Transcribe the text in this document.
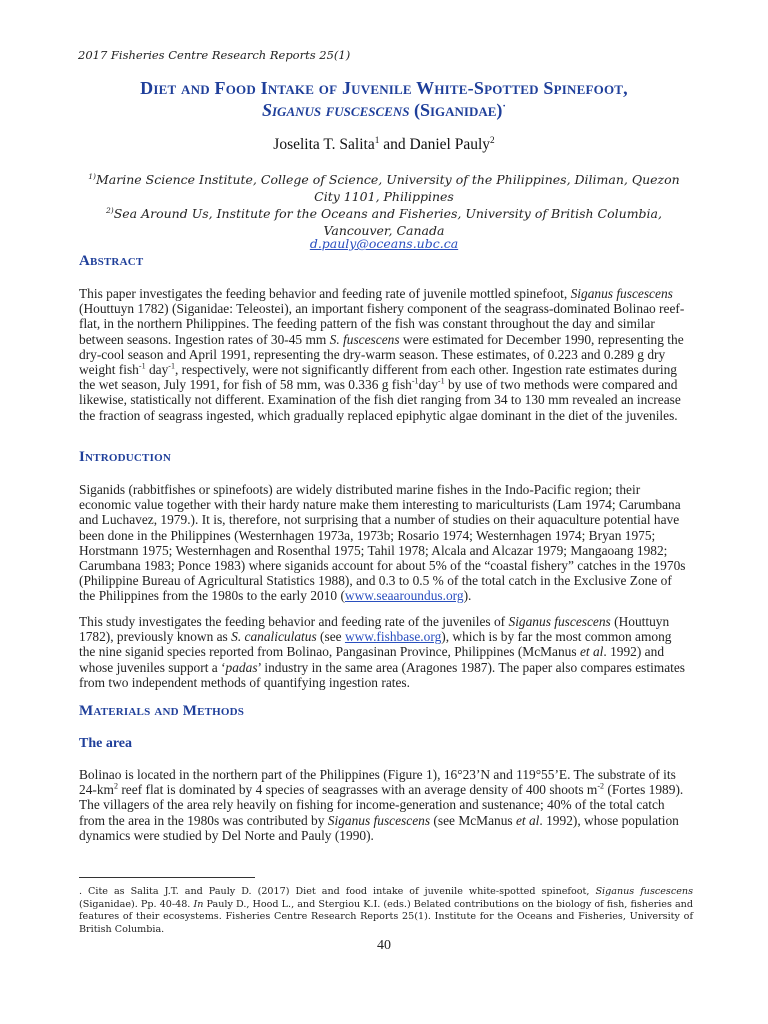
2017 Fisheries Centre Research Reports 25(1)
Diet and Food Intake of Juvenile White-Spotted Spinefoot,
Siganus fuscescens (Siganidae)·
Joselita T. Salita$^1$ and Daniel Pauly$^2$
$^{1)}$Marine Science Institute, College of Science, University of the Philippines, Diliman, Quezon City 1101, Philippines
$^{2)}$Sea Around Us, Institute for the Oceans and Fisheries, University of British Columbia, Vancouver, Canada
d.pauly@oceans.ubc.ca
Abstract
This paper investigates the feeding behavior and feeding rate of juvenile mottled spinefoot, Siganus fuscescens (Houttuyn 1782) (Siganidae: Teleostei), an important fishery component of the seagrass-dominated Bolinao reef-flat, in the northern Philippines. The feeding pattern of the fish was constant throughout the day and similar between seasons. Ingestion rates of 30-45 mm S. fuscescens were estimated for December 1990, representing the dry-cool season and April 1991, representing the dry-warm season. These estimates, of 0.223 and 0.289 g dry weight fish$^{-1}$ day$^{-1}$, respectively, were not significantly different from each other. Ingestion rate estimates during the wet season, July 1991, for fish of 58 mm, was 0.336 g fish$^{-1}$day$^{-1}$ by use of two methods were compared and likewise, statistically not different. Examination of the fish diet ranging from 34 to 130 mm revealed an increase the fraction of seagrass ingested, which gradually replaced epiphytic algae dominant in the diet of the juveniles.
Introduction
Siganids (rabbitfishes or spinefoots) are widely distributed marine fishes in the Indo-Pacific region; their economic value together with their hardy nature make them interesting to mariculturists (Lam 1974; Carumbana and Luchavez, 1979.). It is, therefore, not surprising that a number of studies on their aquaculture potential have been done in the Philippines (Westernhagen 1973a, 1973b; Rosario 1974; Westernhagen 1974; Bryan 1975; Horstmann 1975; Westernhagen and Rosenthal 1975; Tahil 1978; Alcala and Alcazar 1979; Mangaoang 1982; Carumbana 1983; Ponce 1983) where siganids account for about 5% of the “coastal fishery” catches in the 1970s (Philippine Bureau of Agricultural Statistics 1988), and 0.3 to 0.5 % of the total catch in the Exclusive Zone of the Philippines from the 1980s to the early 2010 (www.seaaroundus.org).
This study investigates the feeding behavior and feeding rate of the juveniles of Siganus fuscescens (Houttuyn 1782), previously known as S. canaliculatus (see www.fishbase.org), which is by far the most common among the nine siganid species reported from Bolinao, Pangasinan Province, Philippines (McManus et al. 1992) and whose juveniles support a ‘padas’ industry in the same area (Aragones 1987). The paper also compares estimates from two independent methods of quantifying ingestion rates.
Materials and Methods
The area
Bolinao is located in the northern part of the Philippines (Figure 1), 16°23’N and 119°55’E. The substrate of its $24-km^2$ reef flat is dominated by 4 species of seagrasses with an average density of 400 shoots $m^{-2}$ (Fortes 1989). The villagers of the area rely heavily on fishing for income-generation and sustenance; 40% of the total catch from the area in the 1980s was contributed by Siganus fuscescens (see McManus et al. 1992), whose population dynamics were studied by Del Norte and Pauly (1990).
. Cite as Salita J.T. and Pauly D. (2017) Diet and food intake of juvenile white-spotted spinefoot, Siganus fuscescens (Siganidae). Pp. 40-48. In Pauly D., Hood L., and Stergiou K.I. (eds.) Belated contributions on the biology of fish, fisheries and features of their ecosystems. Fisheries Centre Research Reports 25(1). Institute for the Oceans and Fisheries, University of British Columbia.
40
